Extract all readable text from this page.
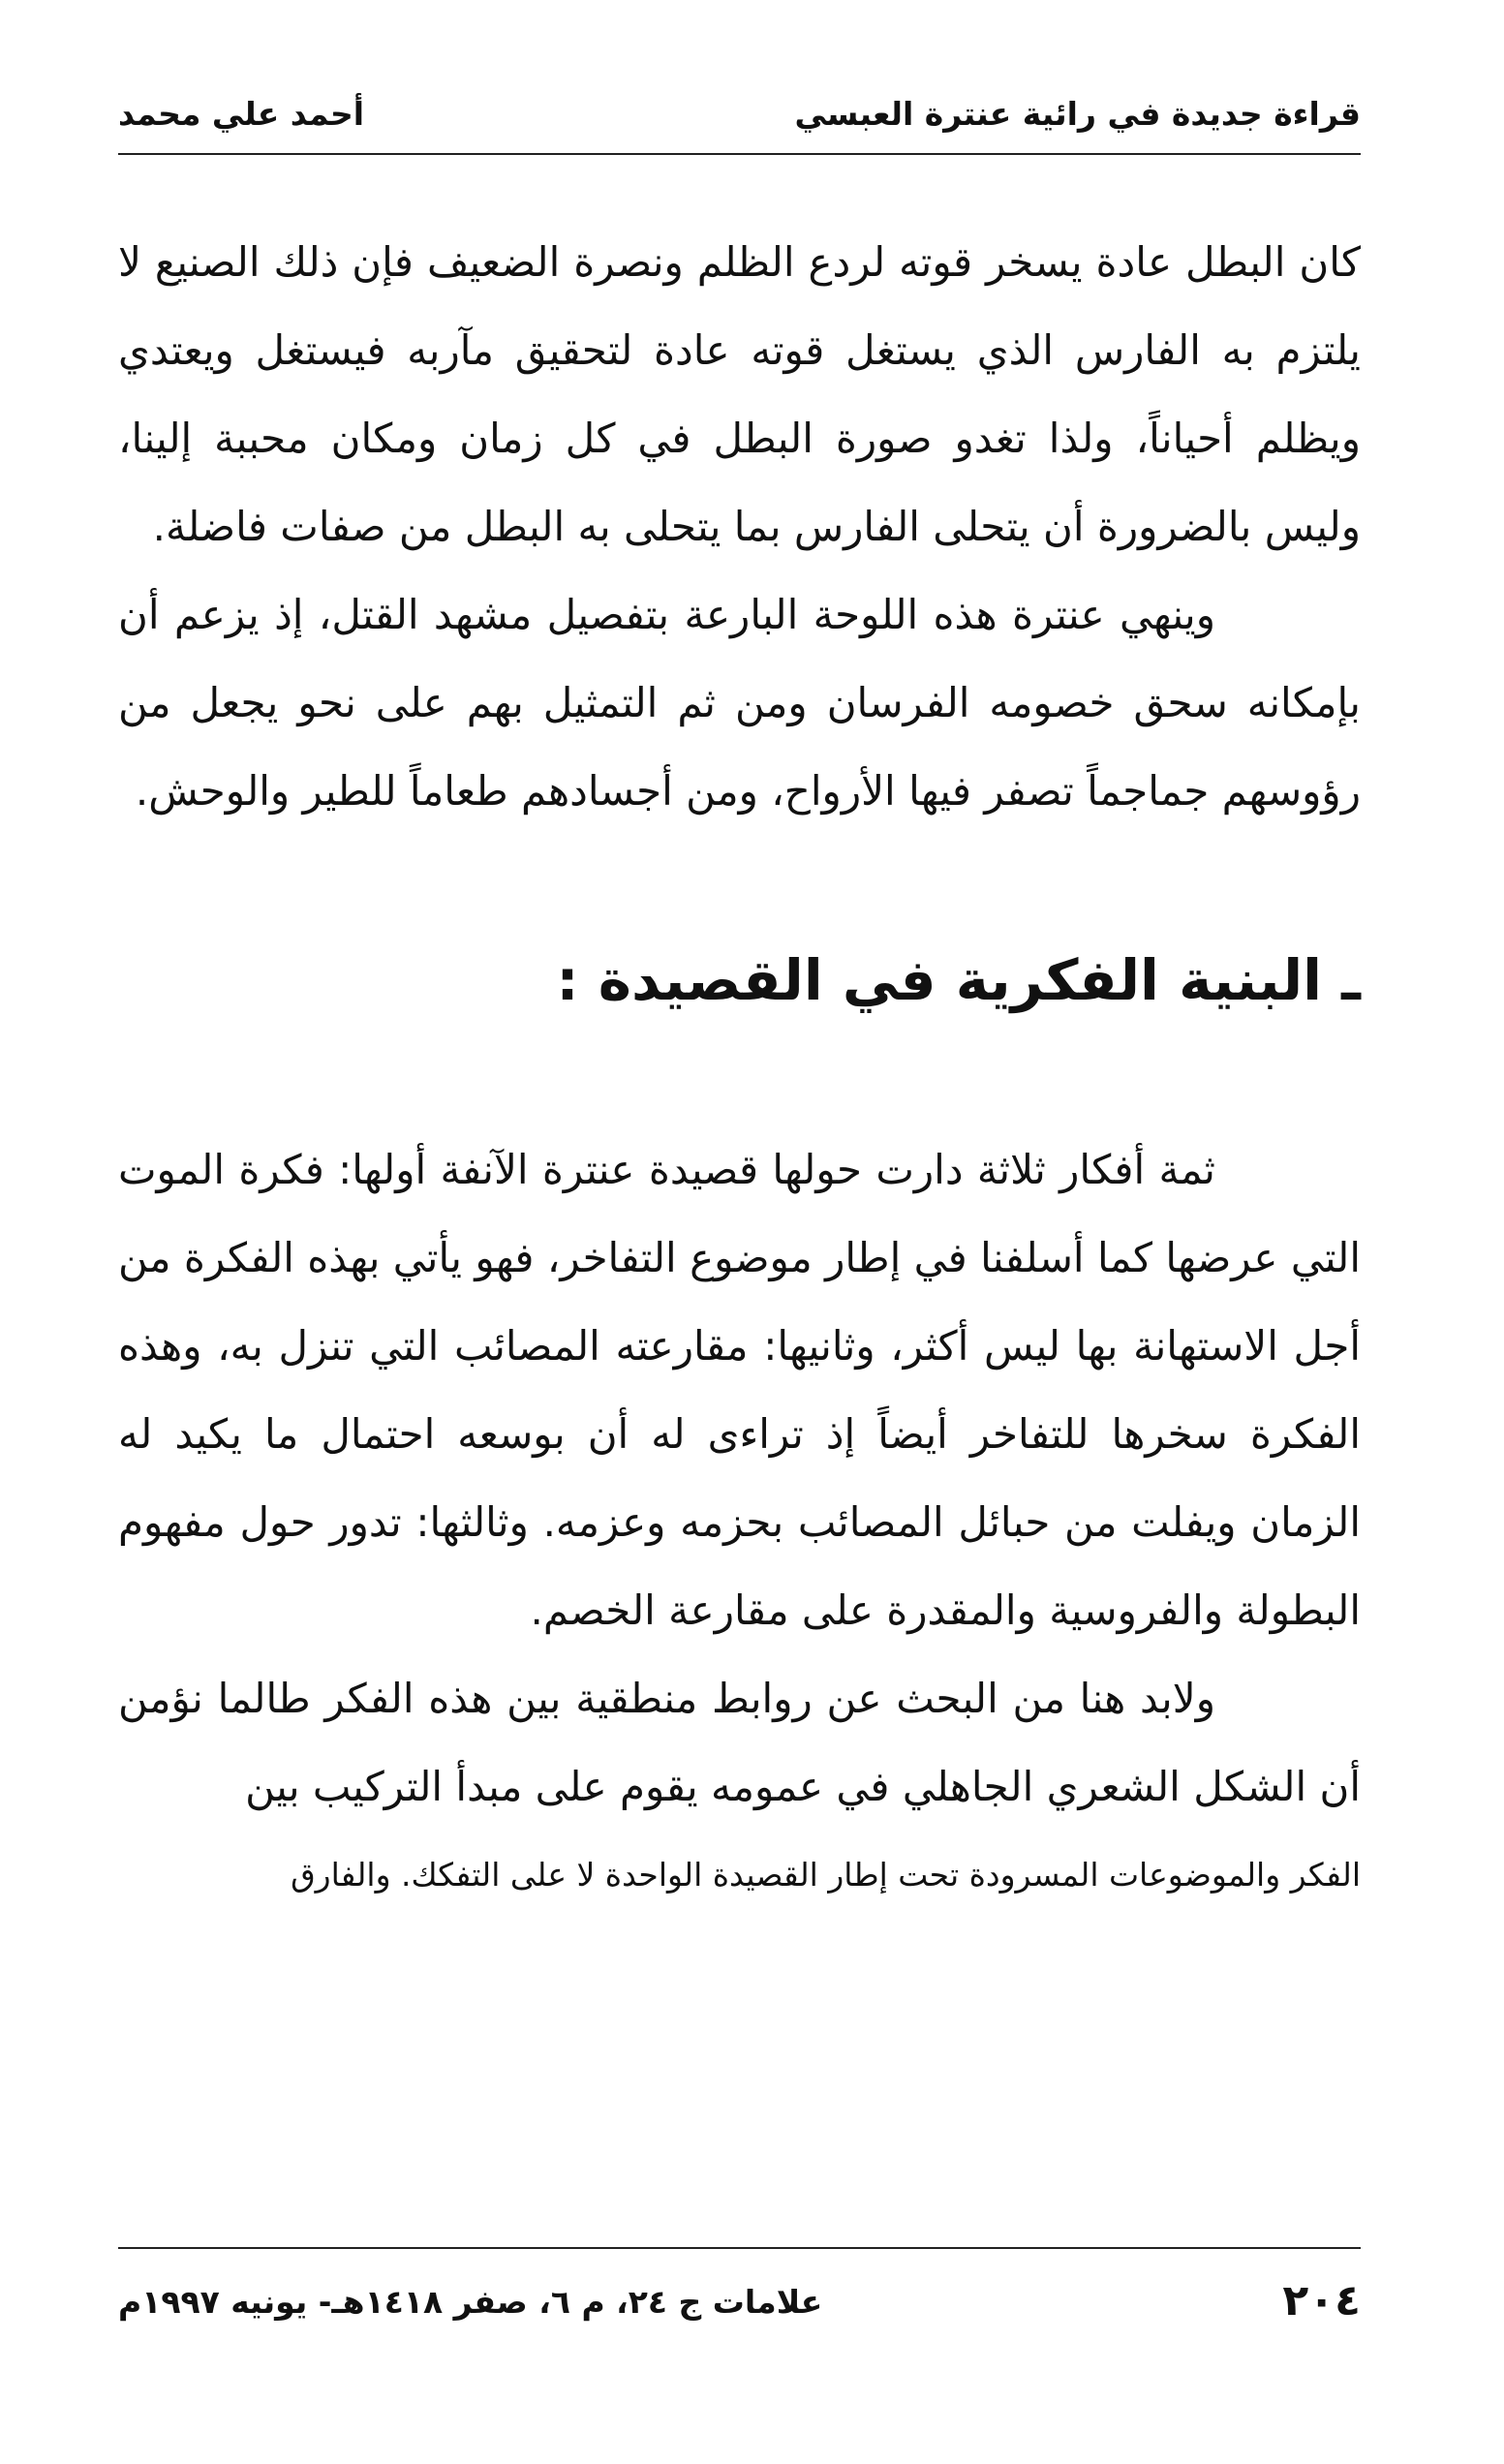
قراءة جديدة في رائية عنترة العبسي
أحمد علي محمد

كان البطل عادة يسخر قوته لردع الظلم ونصرة الضعيف فإن ذلك الصنيع لا يلتزم به الفارس الذي يستغل قوته عادة لتحقيق مآربه فيستغل ويعتدي ويظلم أحياناً، ولذا تغدو صورة البطل في كل زمان ومكان محببة إلينا، وليس بالضرورة أن يتحلى الفارس بما يتحلى به البطل من صفات فاضلة.

وينهي عنترة هذه اللوحة البارعة بتفصيل مشهد القتل، إذ يزعم أن بإمكانه سحق خصومه الفرسان ومن ثم التمثيل بهم على نحو يجعل من رؤوسهم جماجماً تصفر فيها الأرواح، ومن أجسادهم طعاماً للطير والوحش.

ـ البنية الفكرية في القصيدة :

ثمة أفكار ثلاثة دارت حولها قصيدة عنترة الآنفة أولها: فكرة الموت التي عرضها كما أسلفنا في إطار موضوع التفاخر، فهو يأتي بهذه الفكرة من أجل الاستهانة بها ليس أكثر، وثانيها: مقارعته المصائب التي تنزل به، وهذه الفكرة سخرها للتفاخر أيضاً إذ تراءى له أن بوسعه احتمال ما يكيد له الزمان ويفلت من حبائل المصائب بحزمه وعزمه. وثالثها: تدور حول مفهوم البطولة والفروسية والمقدرة على مقارعة الخصم.

ولابد هنا من البحث عن روابط منطقية بين هذه الفكر طالما نؤمن أن الشكل الشعري الجاهلي في عمومه يقوم على مبدأ التركيب بين

الفكر والموضوعات المسرودة تحت إطار القصيدة الواحدة لا على التفكك. والفارق

علامات ج ٢٤، م ٦، صفر ١٤١٨هـ- يونيه ١٩٩٧م	٢٠٤
